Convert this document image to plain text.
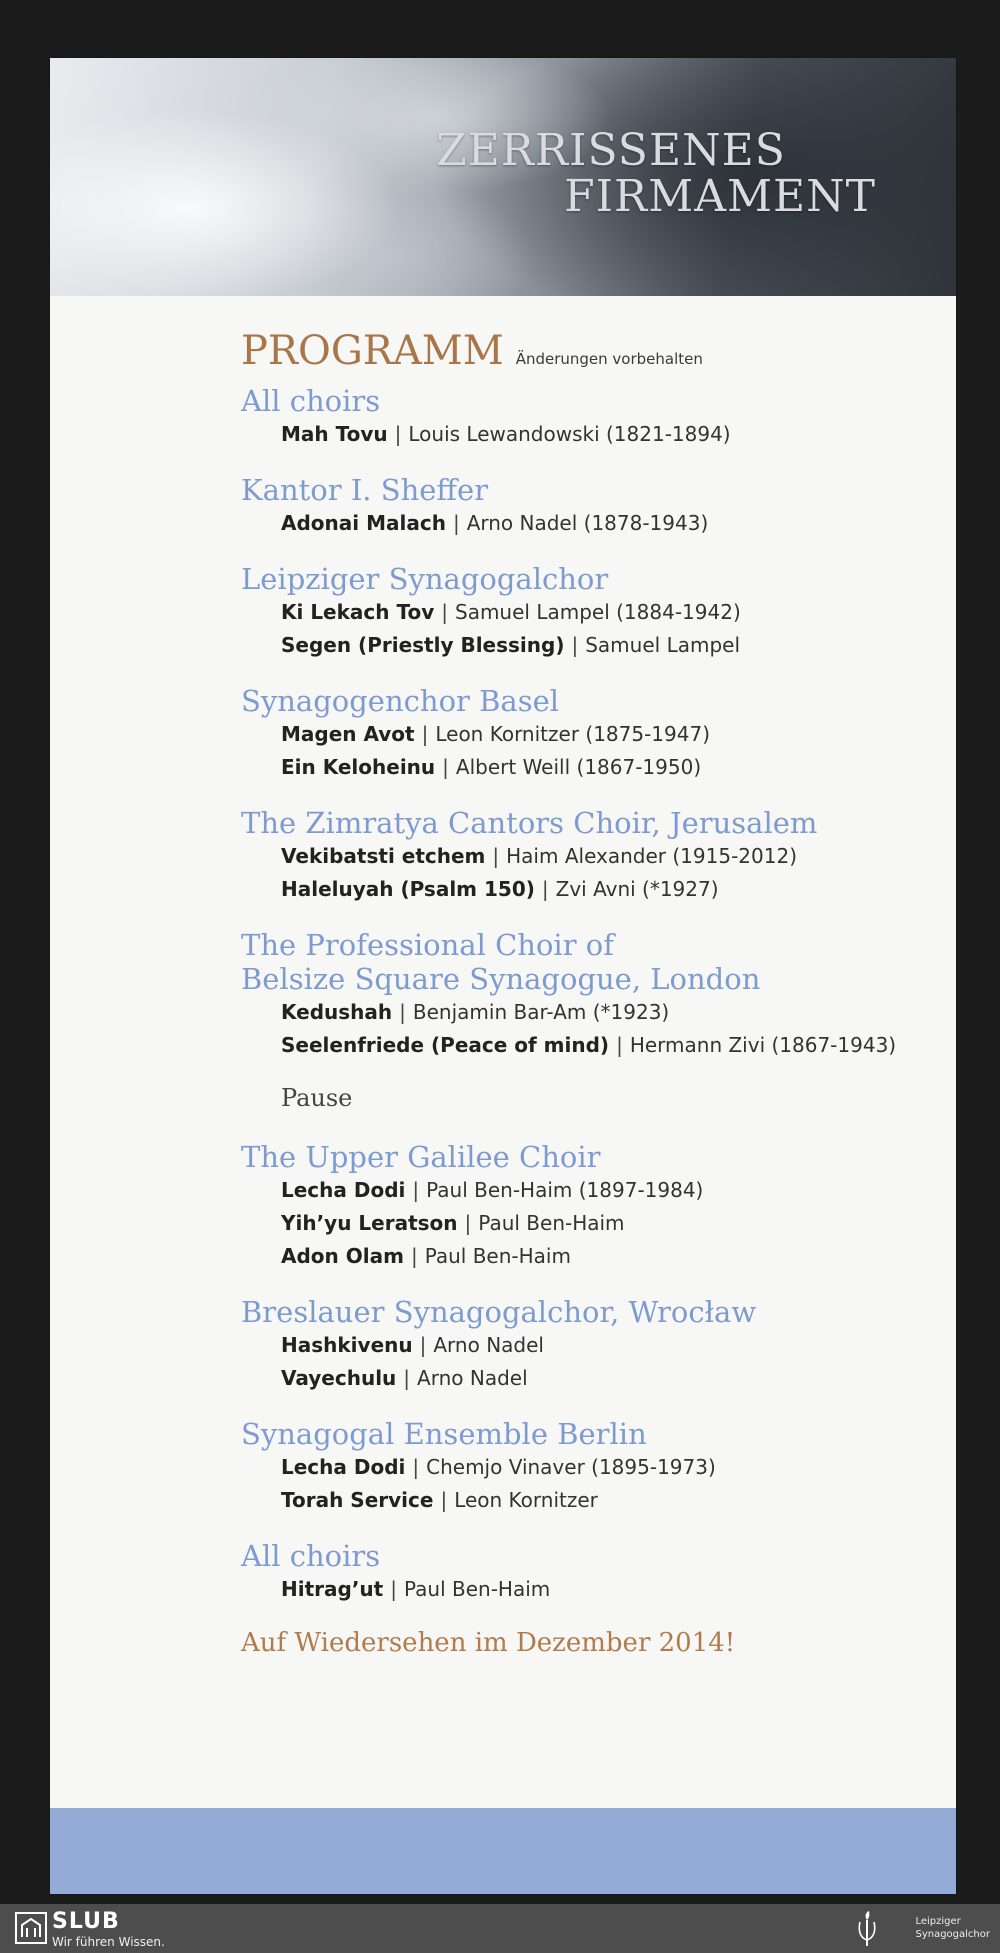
ZERRISSENES
FIRMAMENT
PROGRAMM Änderungen vorbehalten
All choirs
Mah Tovu | Louis Lewandowski (1821-1894)
Kantor I. Sheffer
Adonai Malach | Arno Nadel (1878-1943)
Leipziger Synagogalchor
Ki Lekach Tov | Samuel Lampel (1884-1942)
Segen (Priestly Blessing) | Samuel Lampel
Synagogenchor Basel
Magen Avot | Leon Kornitzer (1875-1947)
Ein Keloheinu | Albert Weill (1867-1950)
The Zimratya Cantors Choir, Jerusalem
Vekibatsti etchem | Haim Alexander (1915-2012)
Haleluyah (Psalm 150) | Zvi Avni (*1927)
The Professional Choir of
Belsize Square Synagogue, London
Kedushah | Benjamin Bar-Am (*1923)
Seelenfriede (Peace of mind) | Hermann Zivi (1867-1943)
Pause
The Upper Galilee Choir
Lecha Dodi | Paul Ben-Haim (1897-1984)
Yih’yu Leratson | Paul Ben-Haim
Adon Olam | Paul Ben-Haim
Breslauer Synagogalchor, Wrocław
Hashkivenu | Arno Nadel
Vayechulu | Arno Nadel
Synagogal Ensemble Berlin
Lecha Dodi | Chemjo Vinaver (1895-1973)
Torah Service | Leon Kornitzer
All choirs
Hitrag’ut | Paul Ben-Haim
Auf Wiedersehen im Dezember 2014!
SLUB
Wir führen Wissen.
Leipziger
Synagogalchor
